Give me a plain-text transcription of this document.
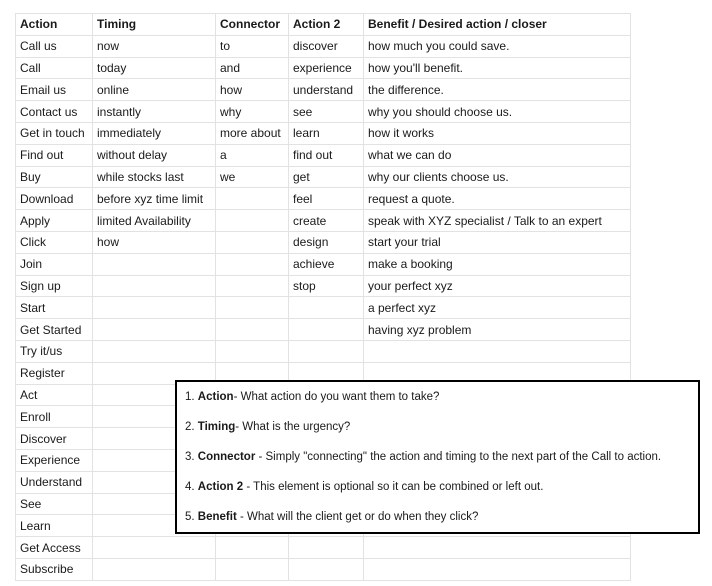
Action	Timing	Connector	Action 2	Benefit / Desired action / closer
Call us	now	to	discover	how much you could save.
Call	today	and	experience	how you'll benefit.
Email us	online	how	understand	the difference.
Contact us	instantly	why	see	why you should choose us.
Get in touch	immediately	more about	learn	how it works
Find out	without delay	a	find out	what we can do
Buy	while stocks last	we	get	why our clients choose us.
Download	before xyz time limit		feel	request a quote.
Apply	limited Availability		create	speak with XYZ specialist / Talk to an expert
Click	how		design	start your trial
Join			achieve	make a booking
Sign up			stop	your perfect xyz
Start				a perfect xyz
Get Started				having xyz problem
Try it/us				
Register				
Act				
Enroll				
Discover				
Experience				
Understand				
See				
Learn				
Get Access				
Subscribe				

1. Action- What action do you want them to take?

2. Timing- What is the urgency?

3. Connector - Simply "connecting" the action and timing to the next part of the Call to action.

4. Action 2 - This element is optional so it can be combined or left out.

5. Benefit - What will the client get or do when they click?
